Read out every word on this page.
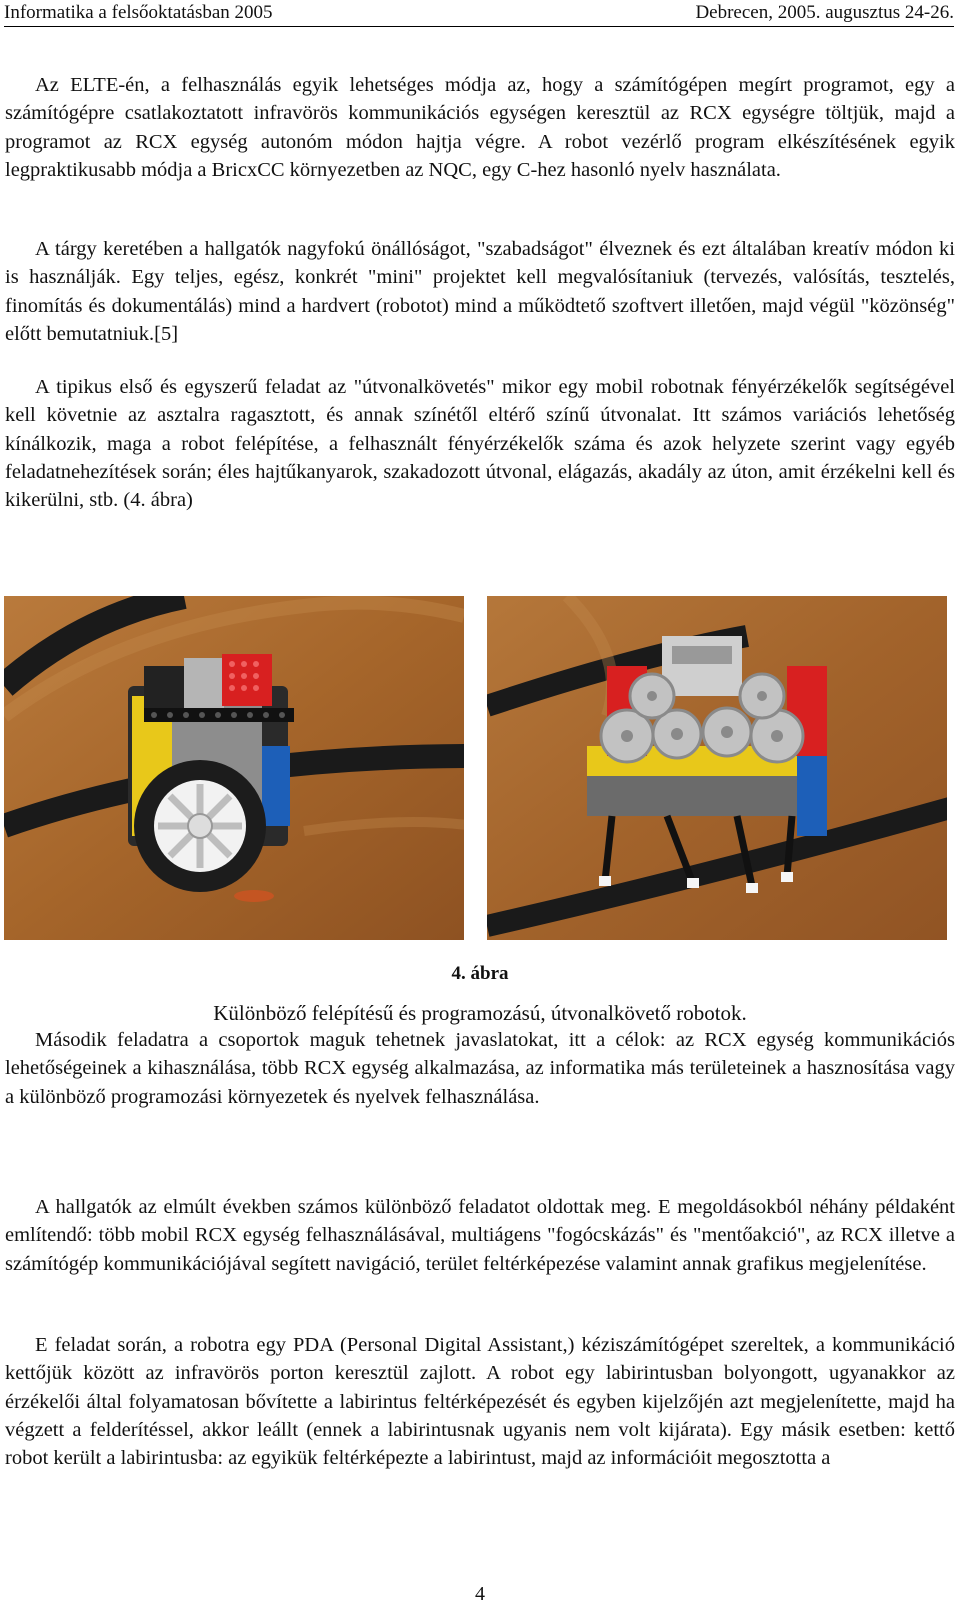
Informatika a felsőoktatásban 2005	Debrecen, 2005. augusztus 24-26.

Az ELTE-én, a felhasználás egyik lehetséges módja az, hogy a számítógépen megírt programot, egy a számítógépre csatlakoztatott infravörös kommunikációs egységen keresztül az RCX egységre töltjük, majd a programot az RCX egység autonóm módon hajtja végre. A robot vezérlő program elkészítésének egyik legpraktikusabb módja a BricxCC környezetben az NQC, egy C-hez hasonló nyelv használata.

A tárgy keretében a hallgatók nagyfokú önállóságot, "szabadságot" élveznek és ezt általában kreatív módon ki is használják. Egy teljes, egész, konkrét "mini" projektet kell megvalósítaniuk (tervezés, valósítás, tesztelés, finomítás és dokumentálás) mind a hardvert (robotot) mind a működtető szoftvert illetően, majd végül "közönség" előtt bemutatniuk.[5]

A tipikus első és egyszerű feladat az "útvonalkövetés" mikor egy mobil robotnak fényérzékelők segítségével kell követnie az asztalra ragasztott, és annak színétől eltérő színű útvonalat. Itt számos variációs lehetőség kínálkozik, maga a robot felépítése, a felhasznált fényérzékelők száma és azok helyzete szerint vagy egyéb feladatnehezítések során; éles hajtűkanyarok, szakadozott útvonal, elágazás, akadály az úton, amit érzékelni kell és kikerülni, stb. (4. ábra)

4. ábra
Különböző felépítésű és programozású, útvonalkövető robotok.

Második feladatra a csoportok maguk tehetnek javaslatokat, itt a célok: az RCX egység kommunikációs lehetőségeinek a kihasználása, több RCX egység alkalmazása, az informatika más területeinek a hasznosítása vagy a különböző programozási környezetek és nyelvek felhasználása.

A hallgatók az elmúlt években számos különböző feladatot oldottak meg. E megoldásokból néhány példaként említendő: több mobil RCX egység felhasználásával, multiágens "fogócskázás" és "mentőakció", az RCX illetve a számítógép kommunikációjával segített navigáció, terület feltérképezése valamint annak grafikus megjelenítése.

E feladat során, a robotra egy PDA (Personal Digital Assistant,) kéziszámítógépet szereltek, a kommunikáció kettőjük között az infravörös porton keresztül zajlott. A robot egy labirintusban bolyongott, ugyanakkor az érzékelői által folyamatosan bővítette a labirintus feltérképezését és egyben kijelzőjén azt megjelenítette, majd ha végzett a felderítéssel, akkor leállt (ennek a labirintusnak ugyanis nem volt kijárata). Egy másik esetben: kettő robot került a labirintusba: az egyikük feltérképezte a labirintust, majd az információit megosztotta a

4
